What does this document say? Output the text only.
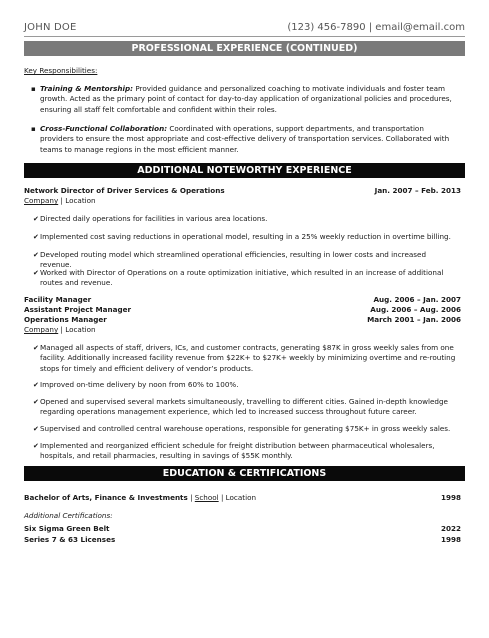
JOHN DOE	(123) 456-7890 | email@email.com
PROFESSIONAL EXPERIENCE (CONTINUED)
Key Responsibilities:
▪ Training & Mentorship: Provided guidance and personalized coaching to motivate individuals and foster team growth. Acted as the primary point of contact for day-to-day application of organizational policies and procedures, ensuring all staff felt comfortable and confident within their roles.
▪ Cross-Functional Collaboration: Coordinated with operations, support departments, and transportation providers to ensure the most appropriate and cost-effective delivery of transportation services. Collaborated with teams to manage regions in the most efficient manner.
ADDITIONAL NOTEWORTHY EXPERIENCE
Network Director of Driver Services & Operations	Jan. 2007 – Feb. 2013
Company | Location
✔ Directed daily operations for facilities in various area locations.
✔ Implemented cost saving reductions in operational model, resulting in a 25% weekly reduction in overtime billing.
✔ Developed routing model which streamlined operational efficiencies, resulting in lower costs and increased revenue.
✔ Worked with Director of Operations on a route optimization initiative, which resulted in an increase of additional routes and revenue.
Facility Manager	Aug. 2006 – Jan. 2007
Assistant Project Manager	Aug. 2006 – Aug. 2006
Operations Manager	March 2001 – Jan. 2006
Company | Location
✔ Managed all aspects of staff, drivers, ICs, and customer contracts, generating $87K in gross weekly sales from one facility. Additionally increased facility revenue from $22K+ to $27K+ weekly by minimizing overtime and re-routing stops for timely and efficient delivery of vendor’s products.
✔ Improved on-time delivery by noon from 60% to 100%.
✔ Opened and supervised several markets simultaneously, travelling to different cities. Gained in-depth knowledge regarding operations management experience, which led to increased success throughout future career.
✔ Supervised and controlled central warehouse operations, responsible for generating $75K+ in gross weekly sales.
✔ Implemented and reorganized efficient schedule for freight distribution between pharmaceutical wholesalers, hospitals, and retail pharmacies, resulting in savings of $55K monthly.
EDUCATION & CERTIFICATIONS
Bachelor of Arts, Finance & Investments | School | Location	1998
Additional Certifications:
Six Sigma Green Belt	2022
Series 7 & 63 Licenses	1998
